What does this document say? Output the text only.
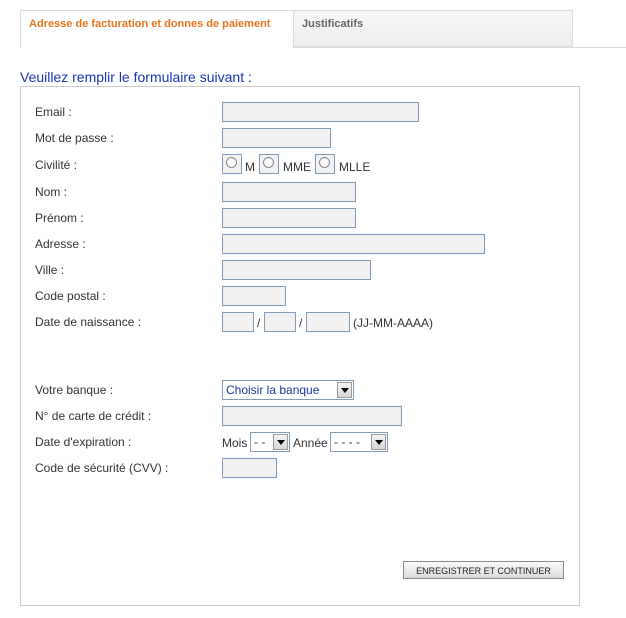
Justificatifs
Adresse de facturation et donnes de paiement
Veuillez remplir le formulaire suivant :
Email :
Mot de passe :
Civilité :	M MME MLLE
Nom :
Prénom :
Adresse :
Ville :
Code postal :
Date de naissance :	/	/	(JJ-MM-AAAA)
Votre banque :	Choisir la banque
N° de carte de crédit :
Date d'expiration :	Mois - - Année - - - -
Code de sécurité (CVV) :
ENREGISTRER ET CONTINUER
